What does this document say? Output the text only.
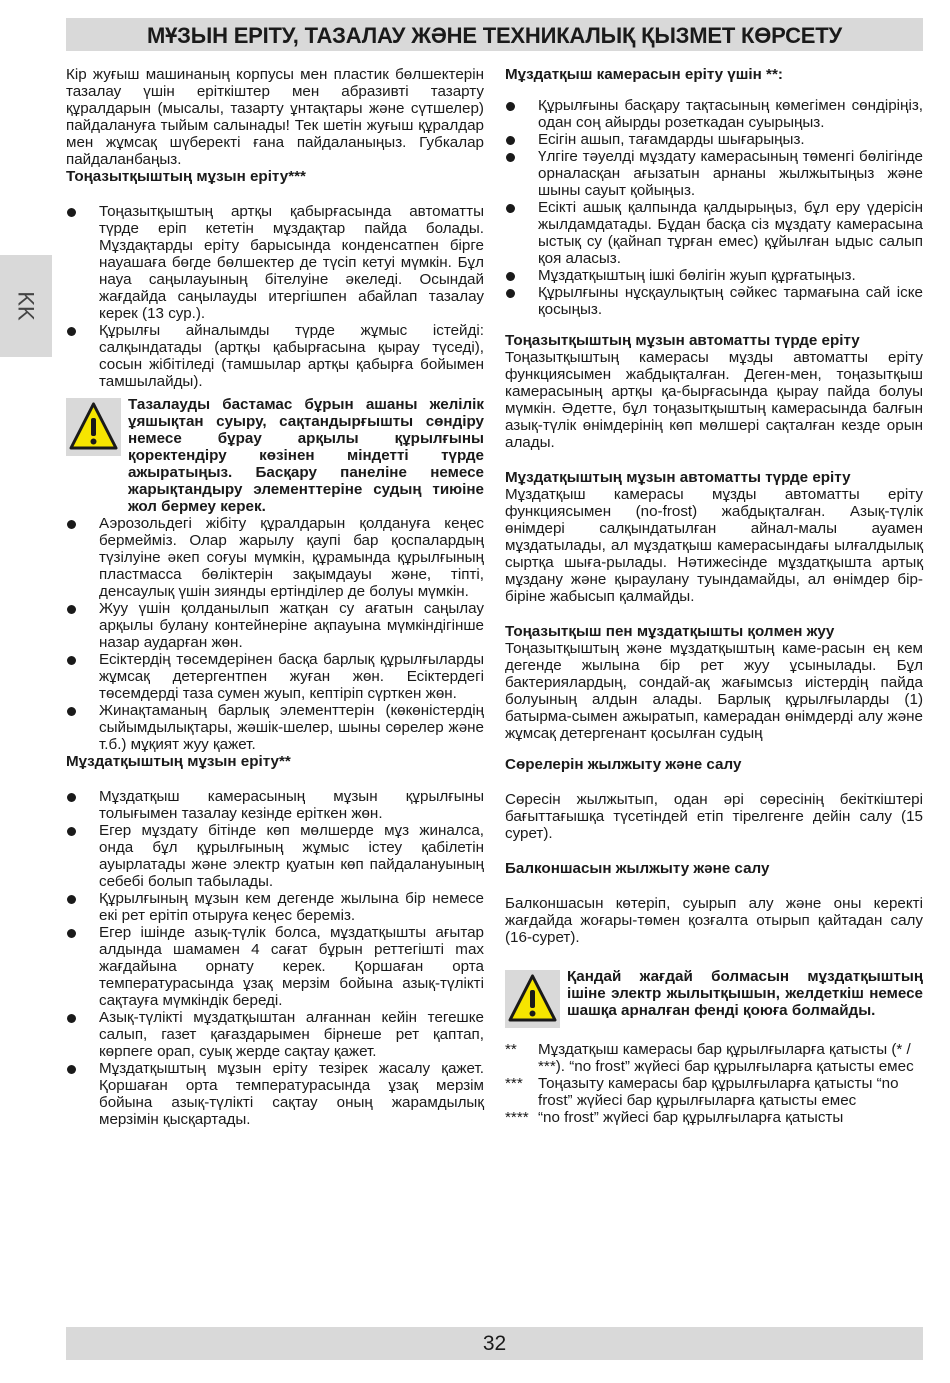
МҰЗЫН ЕРІТУ, ТАЗАЛАУ ЖӘНЕ ТЕХНИКАЛЫҚ ҚЫЗМЕТ КӨРСЕТУ
KK

Кір жуғыш машинаның корпусы мен пластик бөлшектерін тазалау үшін еріткіштер мен абразивті тазарту құралдарын (мысалы, тазарту ұнтақтары және сүтшелер) пайдалануға тыйым салынады! Тек шетін жуғыш құралдар мен жұмсақ шүберекті ғана пайдаланыңыз. Губкалар пайдаланбаңыз.

Тоңазытқыштың мұзын еріту***
Тоңазытқыштың артқы қабырғасында автоматты түрде еріп кететін мұздақтар пайда болады. Мұздақтарды еріту барысында конденсатпен бірге науашаға бөгде бөлшектер де түсіп кетуі мүмкін. Бұл науа саңылауының бітелуіне әкеледі. Осындай жағдайда саңылауды итергішпен абайлап тазалау керек (13 сур.).
Құрылғы айналымды түрде жұмыс істейді: салқындатады (артқы қабырғасына қырау түседі), сосын жібітіледі (тамшылар артқы қабырға бойымен тамшылайды).
Тазалауды бастамас бұрын ашаны желілік ұяшықтан суыру, сақтандырғышты сөндіру немесе бұрау арқылы құрылғыны қоректендіру көзінен міндетті түрде ажыратыңыз. Басқару панеліне немесе жарықтандыру элементтеріне судың тиюіне жол бермеу керек.
Аэрозольдегі жібіту құралдарын қолдануға кеңес бермейміз. Олар жарылу қаупі бар қоспалардың түзілуіне әкеп соғуы мүмкін, құрамында құрылғының пластмасса бөліктерін зақымдауы және, тіпті, денсаулық үшін зиянды ертінділер де болуы мүмкін.
Жуу үшін қолданылып жатқан су ағатын саңылау арқылы булану контейнеріне ақпауына мүмкіндігінше назар аударған жөн.
Есіктердің төсемдерінен басқа барлық құрылғыларды жұмсақ детергентпен жуған жөн. Есіктердегі төсемдерді таза сумен жуып, кептіріп сүрткен жөн.
Жинақтаманың барлық элементтерін (көкөністердің сыйымдылықтары, жәшік-шелер, шыны сөрелер және т.б.) мұқият жуу қажет.
Мұздатқыштың мұзын еріту**
Мұздатқыш камерасының мұзын құрылғыны толығымен тазалау кезінде еріткен жөн.
Егер мұздату бітінде көп мөлшерде мұз жиналса, онда бұл құрылғының жұмыс істеу қабілетін ауырлатады және электр қуатын көп пайдалануының себебі болып табылады.
Құрылғының мұзын кем дегенде жылына бір немесе екі рет ерітіп отыруға кеңес береміз.
Егер ішінде азық-түлік болса, мұздатқышты ағытар алдында шамамен 4 сағат бұрын реттегішті max жағдайына орнату керек. Қоршаған орта температурасында ұзақ мерзім бойына азық-түлікті сақтауға мүмкіндік береді.
Азық-түлікті мұздатқыштан алғаннан кейін тегешке салып, газет қағаздарымен бірнеше рет қаптап, көрпеге орап, суық жерде сақтау қажет.
Мұздатқыштың мұзын еріту тезірек жасалу қажет. Қоршаған орта температурасында ұзақ мерзім бойына азық-түлікті сақтау оның жарамдылық мерзімін қысқартады.
Мұздатқыш камерасын еріту үшін **:
Құрылғыны басқару тақтасының көмегімен сөндіріңіз, одан соң айырды розеткадан суырыңыз.
Есігін ашып, тағамдарды шығарыңыз.
Үлгіге тәуелді мұздату камерасының төменгі бөлігінде орналасқан ағызатын арнаны жылжытыңыз және шыны сауыт қойыңыз.
Есікті ашық қалпында қалдырыңыз, бұл еру үдерісін жылдамдатады. Бұдан басқа сіз мұздату камерасына ыстық су (қайнап тұрған емес) құйылған ыдыс салып қоя аласыз.
Мұздатқыштың ішкі бөлігін жуып құрғатыңыз.
Құрылғыны нұсқаулықтың сәйкес тармағына сай іске қосыңыз.
Тоңазытқыштың мұзын автоматты түрде еріту

Тоңазытқыштың камерасы мұзды автоматты еріту функциясымен жабдықталған. Деген-мен, тоңазытқыш камерасының артқы қа-бырғасында қырау пайда болуы мүмкін. Әдетте, бұл тоңазытқыштың камерасында балғын азық-түлік өнімдерінің көп мөлшері сақталған кезде орын алады.

Мұздатқыштың мұзын автоматты түрде еріту

Мұздатқыш камерасы мұзды автоматты еріту функциясымен (no-frost) жабдықталған. Азық-түлік өнімдері салқындатылған айнал-малы ауамен мұздатылады, ал мұздатқыш камерасындағы ылғалдылық сыртқа шыға-рылады. Нәтижесінде мұздатқышта артық мұздану және қыраулану туындамайды, ал өнімдер бір-біріне жабысып қалмайды.

Тоңазытқыш пен мұздатқышты қолмен жуу

Тоңазытқыштың және мұздатқыштың каме-расын ең кем дегенде жылына бір рет жуу ұсынылады. Бұл бактериялардың, сондай-ақ жағымсыз иістердің пайда болуының алдын алады. Барлық құрылғыларды (1) батырма-сымен ажыратып, камерадан өнімдерді алу және жұмсақ детергенант қосылған судың

Сөрелерін жылжыту және салу

Сөресін жылжытып, одан әрі сөресінің бекіткіштері бағыттағышқа түсетіндей етіп тірелгенге дейін салу (15 сурет).

Балконшасын жылжыту және салу

Балконшасын көтеріп, суырып алу және оны керекті жағдайда жоғары-төмен қозғалта отырып қайтадан салу (16-сурет).

Қандай жағдай болмасын мұздатқыштың ішіне электр жылытқышын, желдеткіш немесе шашқа арналған фенді қоюға болмайды.
** Мұздатқыш камерасы бар құрылғыларға қатысты (* / ***). “no frost” жүйесі бар құрылғыларға қатысты емес
*** Тоңазыту камерасы бар құрылғыларға қатысты “no frost” жүйесі бар құрылғыларға қатысты емес
**** “no frost” жүйесі бар құрылғыларға қатысты
32
